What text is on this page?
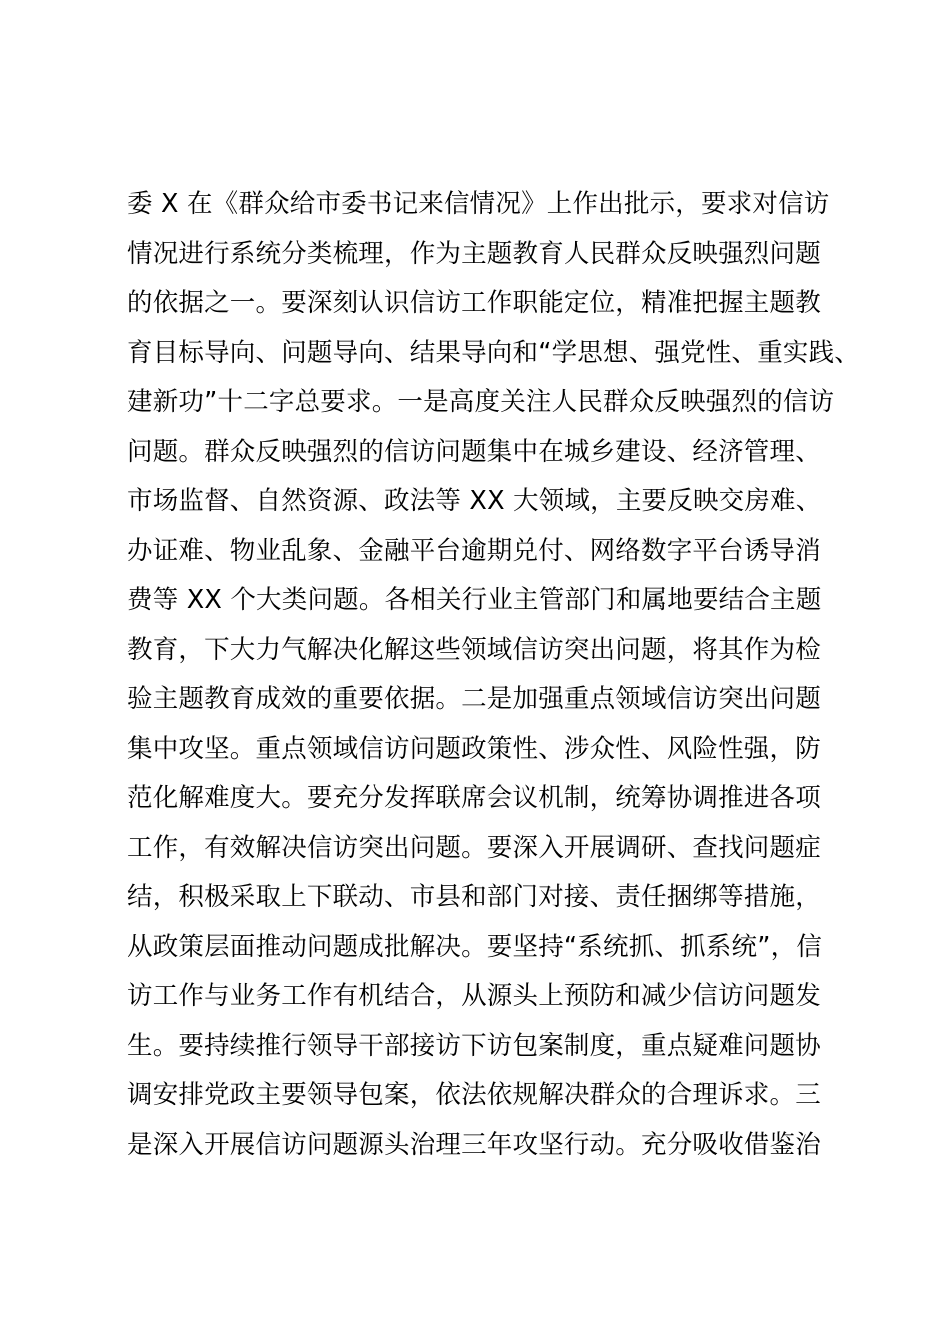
委 X 在《群众给市委书记来信情况》上作出批示，要求对信访
情况进行系统分类梳理，作为主题教育人民群众反映强烈问题
的依据之一。要深刻认识信访工作职能定位，精准把握主题教
育目标导向、问题导向、结果导向和“学思想、强党性、重实践、
建新功”十二字总要求。一是高度关注人民群众反映强烈的信访
问题。群众反映强烈的信访问题集中在城乡建设、经济管理、
市场监督、自然资源、政法等 XX 大领域，主要反映交房难、
办证难、物业乱象、金融平台逾期兑付、网络数字平台诱导消
费等 XX 个大类问题。各相关行业主管部门和属地要结合主题
教育，下大力气解决化解这些领域信访突出问题，将其作为检
验主题教育成效的重要依据。二是加强重点领域信访突出问题
集中攻坚。重点领域信访问题政策性、涉众性、风险性强，防
范化解难度大。要充分发挥联席会议机制，统筹协调推进各项
工作，有效解决信访突出问题。要深入开展调研、查找问题症
结，积极采取上下联动、市县和部门对接、责任捆绑等措施，
从政策层面推动问题成批解决。要坚持“系统抓、抓系统”，信
访工作与业务工作有机结合，从源头上预防和减少信访问题发
生。要持续推行领导干部接访下访包案制度，重点疑难问题协
调安排党政主要领导包案，依法依规解决群众的合理诉求。三
是深入开展信访问题源头治理三年攻坚行动。充分吸收借鉴治
